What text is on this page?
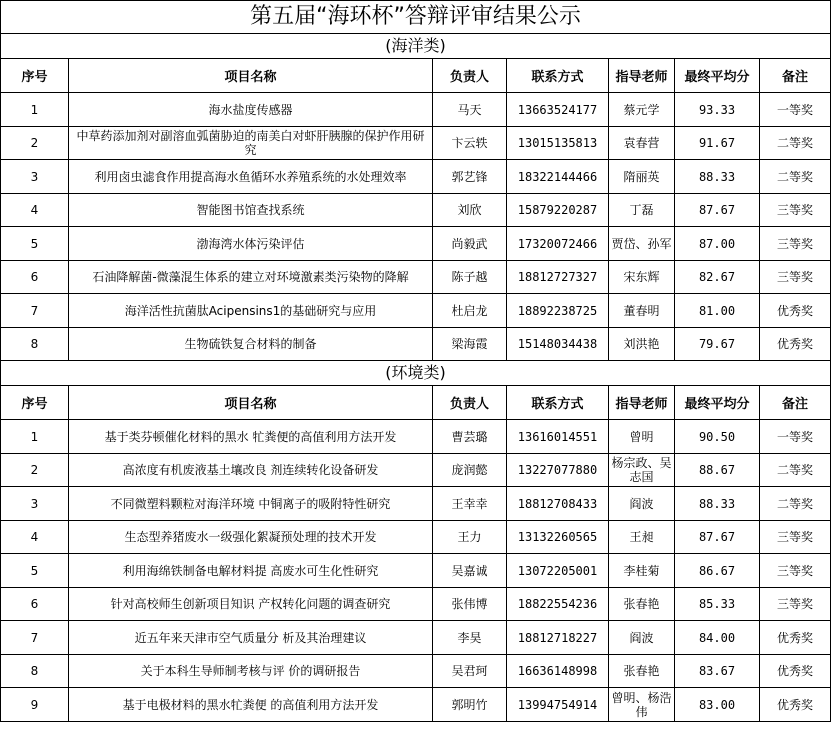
第五届“海环杯”答辩评审结果公示						
(海洋类)						
序号	项目名称	负责人	联系方式	指导老师	最终平均分	备注
1	海水盐度传感器	马天	13663524177	蔡元学	93.33	一等奖
2	中草药添加剂对副溶血弧菌胁迫的南美白对虾肝胰腺的保护作用研究	卞云轶	13015135813	袁春营	91.67	二等奖
3	利用卤虫滤食作用提高海水鱼循环水养殖系统的水处理效率	郭艺锋	18322144466	隋丽英	88.33	二等奖
4	智能图书馆查找系统	刘欣	15879220287	丁磊	87.67	三等奖
5	渤海湾水体污染评估	尚毅武	17320072466	贾岱、孙军	87.00	三等奖
6	石油降解菌-微藻混生体系的建立对环境激素类污染物的降解	陈子越	18812727327	宋东辉	82.67	三等奖
7	海洋活性抗菌肽Acipensins1的基础研究与应用	杜启龙	18892238725	董春明	81.00	优秀奖
8	生物硫铁复合材料的制备	梁海霞	15148034438	刘洪艳	79.67	优秀奖
(环境类)						
序号	项目名称	负责人	联系方式	指导老师	最终平均分	备注
1	基于类芬顿催化材料的黑水 牤粪便的高值利用方法开发	曹芸璐	13616014551	曾明	90.50	一等奖
2	高浓度有机废液基土壤改良 剂连续转化设备研发	庞润懿	13227077880	杨宗政、吴志国	88.67	二等奖
3	不同微塑料颗粒对海洋环境 中铜离子的吸附特性研究	王幸幸	18812708433	阎波	88.33	二等奖
4	生态型养猪废水一级强化絮凝预处理的技术开发	王力	13132260565	王昶	87.67	三等奖
5	利用海绵铁制备电解材料提 高废水可生化性研究	吴嘉诚	13072205001	李桂菊	86.67	三等奖
6	针对高校师生创新项目知识 产权转化问题的调查研究	张伟博	18822554236	张春艳	85.33	三等奖
7	近五年来天津市空气质量分 析及其治理建议	李昊	18812718227	阎波	84.00	优秀奖
8	关于本科生导师制考核与评 价的调研报告	吴君珂	16636148998	张春艳	83.67	优秀奖
9	基于电极材料的黑水牤粪便 的高值利用方法开发	郭明竹	13994754914	曾明、杨浩伟	83.00	优秀奖
